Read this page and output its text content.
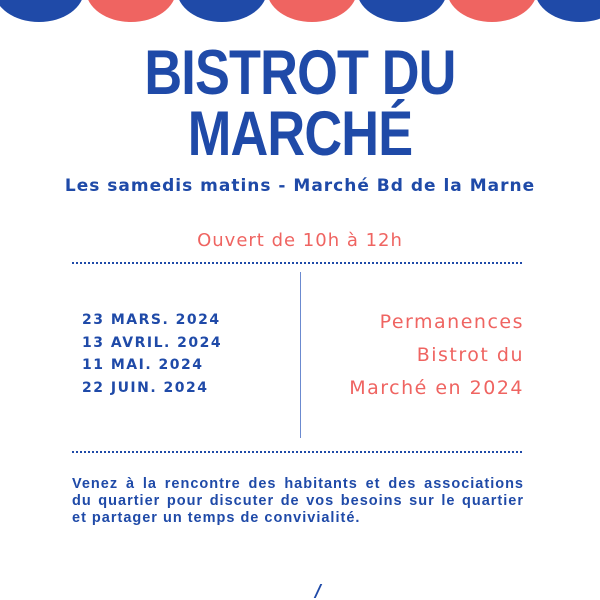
BISTROT DU
MARCHÉ
Les samedis matins - Marché Bd de la Marne
Ouvert de 10h à 12h
23 MARS. 2024
13 AVRIL. 2024
11 MAI. 2024
22 JUIN. 2024
Permanences
Bistrot du
Marché en 2024
Venez à la rencontre des habitants et des associations du quartier pour discuter de vos besoins sur le quartier et partager un temps de convivialité.
